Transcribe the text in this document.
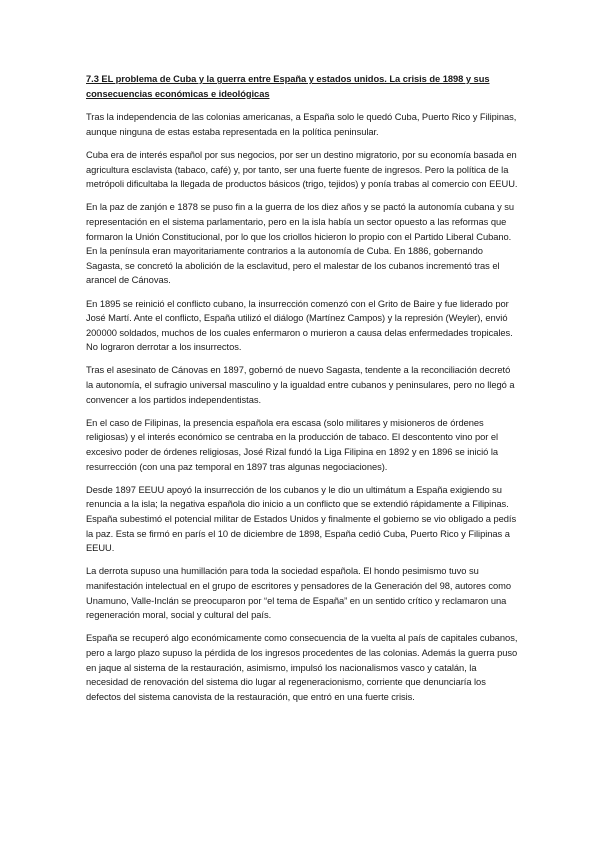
7.3 EL problema de Cuba y la guerra entre España y estados unidos. La crisis de 1898 y sus consecuencias económicas e ideológicas
Tras la independencia de las colonias americanas, a España solo le quedó Cuba, Puerto Rico y Filipinas, aunque ninguna de estas estaba representada en la política peninsular.
Cuba era de interés español por sus negocios, por ser un destino migratorio, por su economía basada en agricultura esclavista (tabaco, café) y, por tanto, ser una fuerte fuente de ingresos. Pero la política de la metrópoli dificultaba la llegada de productos básicos (trigo, tejidos) y ponía trabas al comercio con EEUU.
En la paz de zanjón e 1878 se puso fin a la guerra de los diez años y se pactó la autonomía cubana y su representación en el sistema parlamentario, pero en la isla había un sector opuesto a las reformas que formaron la Unión Constitucional, por lo que los criollos hicieron lo propio con el Partido Liberal Cubano. En la península eran mayoritariamente contrarios a la autonomía de Cuba. En 1886, gobernando Sagasta, se concretó la abolición de la esclavitud, pero el malestar de los cubanos incrementó tras el arancel de Cánovas.
En 1895 se reinició el conflicto cubano, la insurrección comenzó con el Grito de Baire y fue liderado por José Martí. Ante el conflicto, España utilizó el diálogo (Martínez Campos) y la represión (Weyler), envió 200000 soldados, muchos de los cuales enfermaron o murieron a causa delas enfermedades tropicales. No lograron derrotar a los insurrectos.
Tras el asesinato de Cánovas en 1897, gobernó de nuevo Sagasta, tendente a la reconciliación decretó la autonomía, el sufragio universal masculino y la igualdad entre cubanos y peninsulares, pero no llegó a convencer a los partidos independentistas.
En el caso de Filipinas, la presencia española era escasa (solo militares y misioneros de órdenes religiosas) y el interés económico se centraba en la producción de tabaco. El descontento vino por el excesivo poder de órdenes religiosas, José Rizal fundó la Liga Filipina en 1892 y en 1896 se inició la resurrección (con una paz temporal en 1897 tras algunas negociaciones).
Desde 1897 EEUU apoyó la insurrección de los cubanos y le dio un ultimátum a España exigiendo su renuncia a la isla; la negativa española dio inicio a un conflicto que se extendió rápidamente a Filipinas. España subestimó el potencial militar de Estados Unidos y finalmente el gobierno se vio obligado a pedís la paz. Esta se firmó en parís el 10 de diciembre de 1898, España cedió Cuba, Puerto Rico y Filipinas a EEUU.
La derrota supuso una humillación para toda la sociedad española. El hondo pesimismo tuvo su manifestación intelectual en el grupo de escritores y pensadores de la Generación del 98, autores como Unamuno, Valle-Inclán se preocuparon por “el tema de España” en un sentido crítico y reclamaron una regeneración moral, social y cultural del país.
España se recuperó algo económicamente como consecuencia de la vuelta al país de capitales cubanos, pero a largo plazo supuso la pérdida de los ingresos procedentes de las colonias. Además la guerra puso en jaque al sistema de la restauración, asimismo, impulsó los nacionalismos vasco y catalán, la necesidad de renovación del sistema dio lugar al regeneracionismo, corriente que denunciaría los defectos del sistema canovista de la restauración, que entró en una fuerte crisis.
